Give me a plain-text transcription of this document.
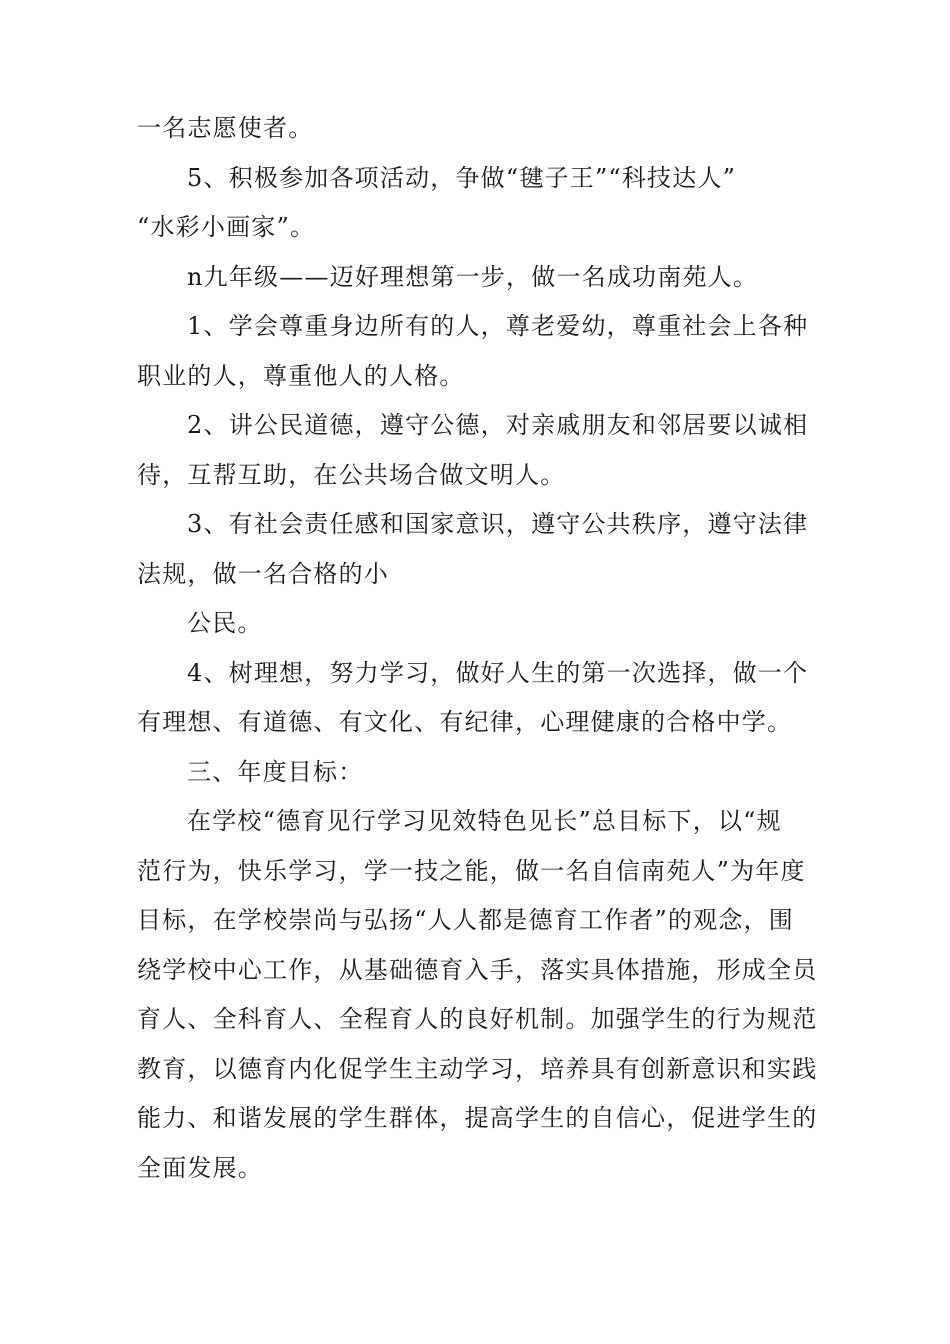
一名志愿使者。
5、积极参加各项活动，争做“毽子王”“科技达人”
“水彩小画家”。
n九年级——迈好理想第一步，做一名成功南苑人。
1、学会尊重身边所有的人，尊老爱幼，尊重社会上各种
职业的人，尊重他人的人格。
2、讲公民道德，遵守公德，对亲戚朋友和邻居要以诚相
待，互帮互助，在公共场合做文明人。
3、有社会责任感和国家意识，遵守公共秩序，遵守法律
法规，做一名合格的小
公民。
4、树理想，努力学习，做好人生的第一次选择，做一个
有理想、有道德、有文化、有纪律，心理健康的合格中学。
三、年度目标：
在学校“德育见行学习见效特色见长”总目标下，以“规
范行为，快乐学习，学一技之能，做一名自信南苑人”为年度
目标，在学校崇尚与弘扬“人人都是德育工作者”的观念，围
绕学校中心工作，从基础德育入手，落实具体措施，形成全员
育人、全科育人、全程育人的良好机制。加强学生的行为规范
教育，以德育内化促学生主动学习，培养具有创新意识和实践
能力、和谐发展的学生群体，提高学生的自信心，促进学生的
全面发展。
